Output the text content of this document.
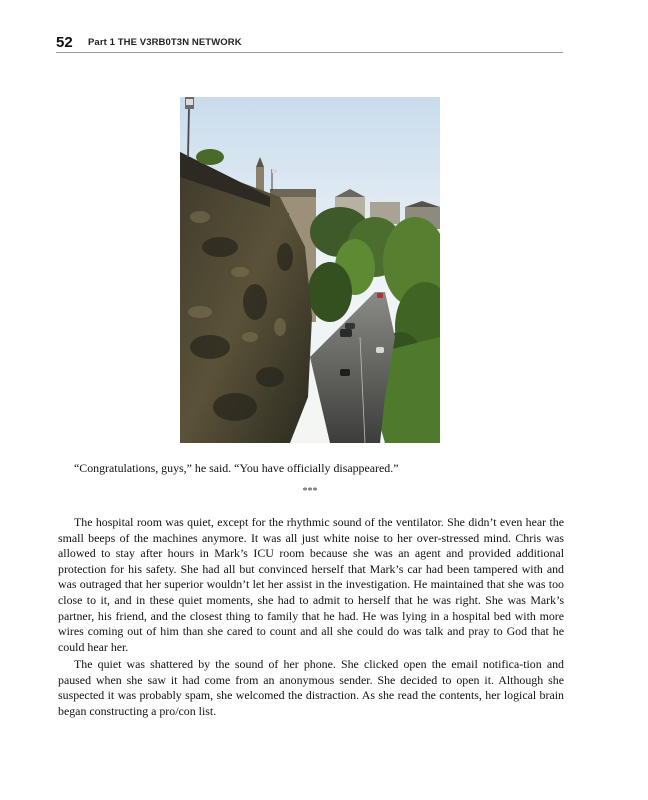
52 Part 1 THE V3RB0T3N NETWORK
“Congratulations, guys,” he said. “You have officially disappeared.”
***

The hospital room was quiet, except for the rhythmic sound of the ventilator. She didn’t even hear the small beeps of the machines anymore. It was all just white noise to her over-stressed mind. Chris was allowed to stay after hours in Mark’s ICU room because she was an agent and provided additional protection for his safety. She had all but convinced herself that Mark’s car had been tampered with and was outraged that her superior wouldn’t let her assist in the investigation. He maintained that she was too close to it, and in these quiet moments, she had to admit to herself that he was right. She was Mark’s partner, his friend, and the closest thing to family that he had. He was lying in a hospital bed with more wires coming out of him than she cared to count and all she could do was talk and pray to God that he could hear her.

The quiet was shattered by the sound of her phone. She clicked open the email notifica-tion and paused when she saw it had come from an anonymous sender. She decided to open it. Although she suspected it was probably spam, she welcomed the distraction. As she read the contents, her logical brain began constructing a pro/con list.
